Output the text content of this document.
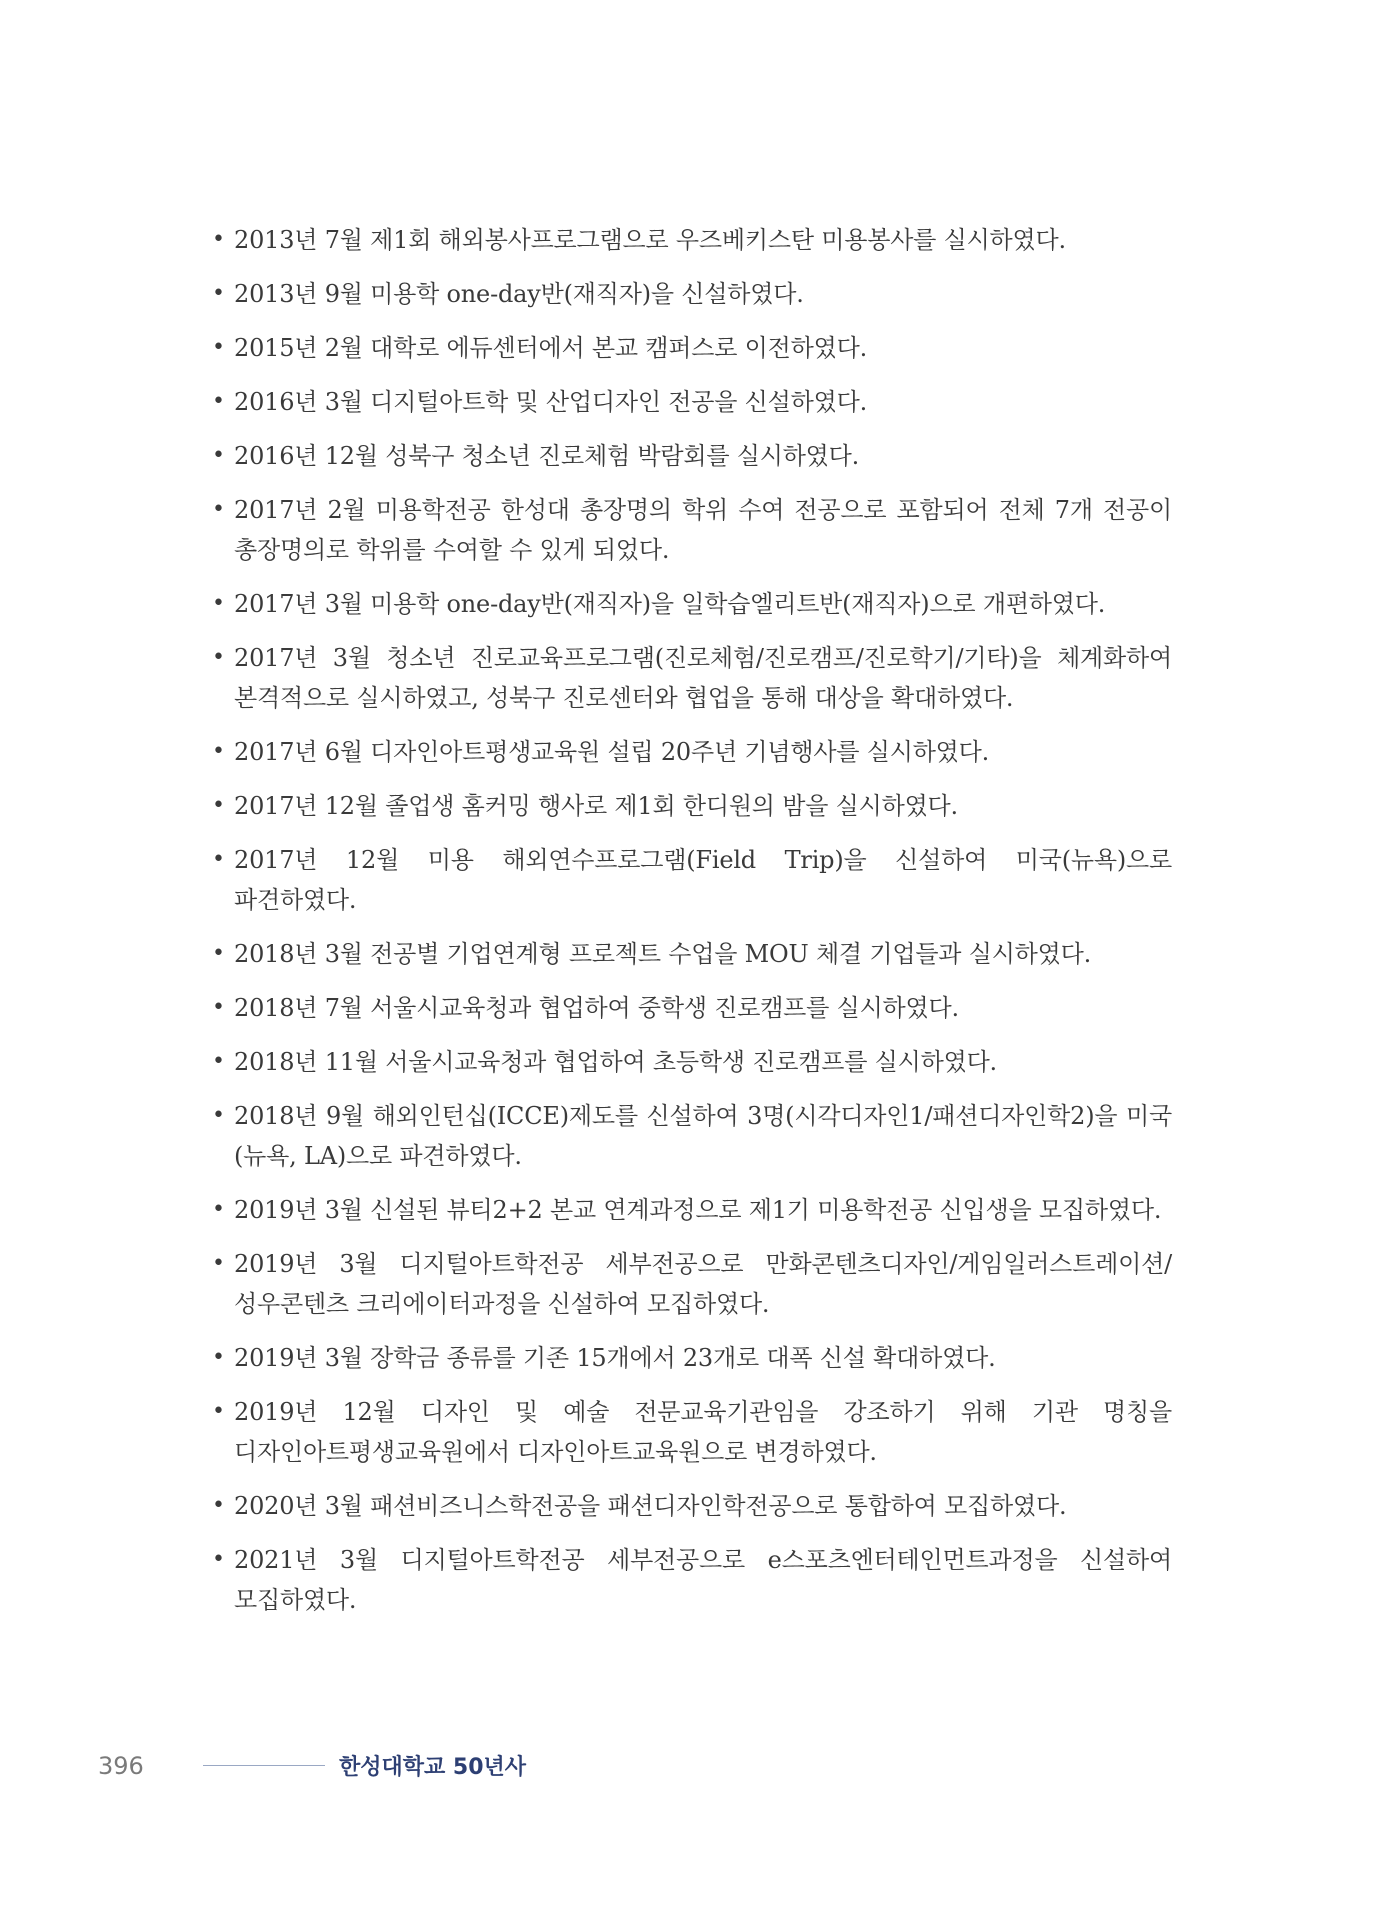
• 2013년 7월 제1회 해외봉사프로그램으로 우즈베키스탄 미용봉사를 실시하였다.
• 2013년 9월 미용학 one-day반(재직자)을 신설하였다.
• 2015년 2월 대학로 에듀센터에서 본교 캠퍼스로 이전하였다.
• 2016년 3월 디지털아트학 및 산업디자인 전공을 신설하였다.
• 2016년 12월 성북구 청소년 진로체험 박람회를 실시하였다.
• 2017년 2월 미용학전공 한성대 총장명의 학위 수여 전공으로 포함되어 전체 7개 전공이 총장명의로 학위를 수여할 수 있게 되었다.
• 2017년 3월 미용학 one-day반(재직자)을 일학습엘리트반(재직자)으로 개편하였다.
• 2017년 3월 청소년 진로교육프로그램(진로체험/진로캠프/진로학기/기타)을 체계화하여 본격적으로 실시하였고, 성북구 진로센터와 협업을 통해 대상을 확대하였다.
• 2017년 6월 디자인아트평생교육원 설립 20주년 기념행사를 실시하였다.
• 2017년 12월 졸업생 홈커밍 행사로 제1회 한디원의 밤을 실시하였다.
• 2017년 12월 미용 해외연수프로그램(Field Trip)을 신설하여 미국(뉴욕)으로 파견하였다.
• 2018년 3월 전공별 기업연계형 프로젝트 수업을 MOU 체결 기업들과 실시하였다.
• 2018년 7월 서울시교육청과 협업하여 중학생 진로캠프를 실시하였다.
• 2018년 11월 서울시교육청과 협업하여 초등학생 진로캠프를 실시하였다.
• 2018년 9월 해외인턴십(ICCE)제도를 신설하여 3명(시각디자인1/패션디자인학2)을 미국(뉴욕, LA)으로 파견하였다.
• 2019년 3월 신설된 뷰티2+2 본교 연계과정으로 제1기 미용학전공 신입생을 모집하였다.
• 2019년 3월 디지털아트학전공 세부전공으로 만화콘텐츠디자인/게임일러스트레이션/성우콘텐츠 크리에이터과정을 신설하여 모집하였다.
• 2019년 3월 장학금 종류를 기존 15개에서 23개로 대폭 신설 확대하였다.
• 2019년 12월 디자인 및 예술 전문교육기관임을 강조하기 위해 기관 명칭을 디자인아트평생교육원에서 디자인아트교육원으로 변경하였다.
• 2020년 3월 패션비즈니스학전공을 패션디자인학전공으로 통합하여 모집하였다.
• 2021년 3월 디지털아트학전공 세부전공으로 e스포츠엔터테인먼트과정을 신설하여 모집하였다.
396	한성대학교 50년사
